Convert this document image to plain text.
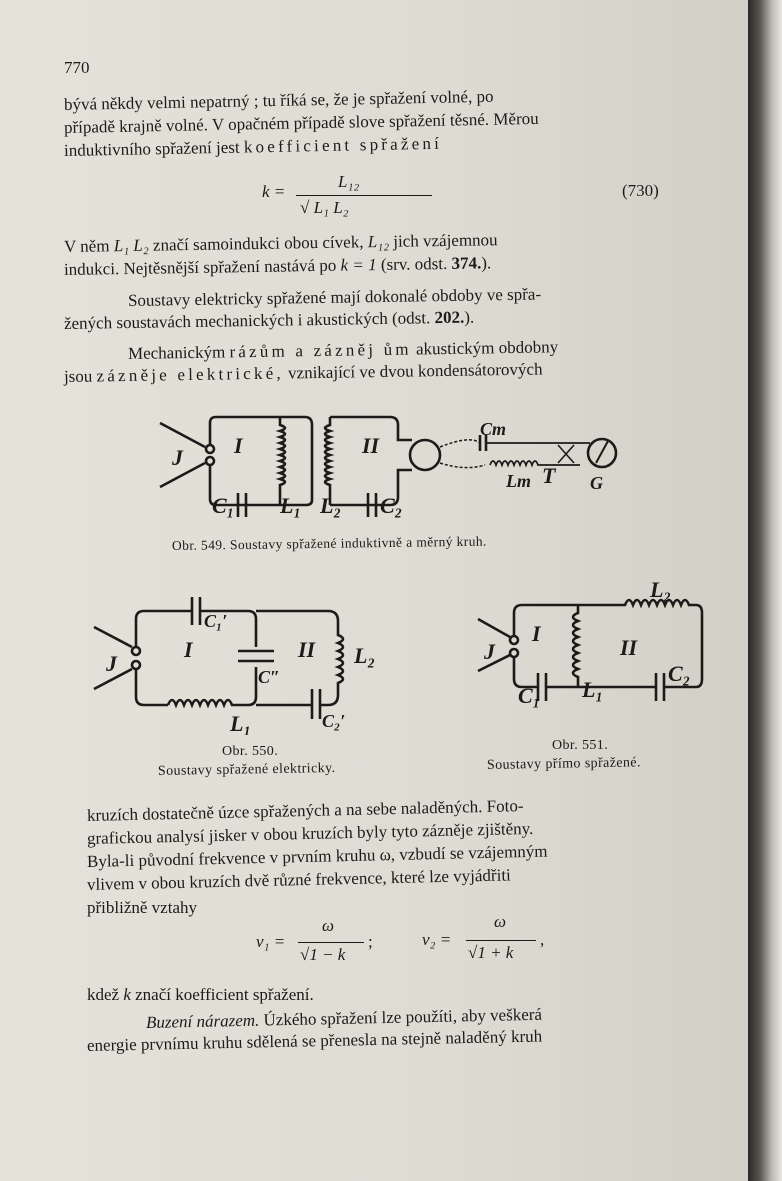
770
bývá někdy velmi nepatrný ; tu říká se, že je spřažení volné, po
případě krajně volné. V opačném případě slove spřažení těsné. Měrou
induktivního spřažení jest koefficient spřažení
k =
L₁₂
√ L₁ L₂
(730)
V něm L₁ L₂ značí samoindukci obou cívek, L₁₂ jich vzájemnou
indukci. Nejtěsnější spřažení nastává po k = 1 (srv. odst. 374.).
Soustavy elektricky spřažené mají dokonalé obdoby ve spřa-
žených soustavách mechanických i akustických (odst. 202.).
Mechanickým rázům a zázněj ům akustickým obdobny
jsou záznějе elektrické, vznikající ve dvou kondensátorových
J I	II
C₁ L₁ L₂ C₂
Cm
Lm T G
Obr. 549. Soustavy spřažené induktivně a měrný kruh.
J
I
C₁′
C″
II L₂
L₁	C₂′
Obr. 550.
Soustavy spřažené elektricky.
J
I
II
L₂
C₁ L₁
C₂
Obr. 551.
Soustavy přímo spřažené.
kruzích dostatečně úzce spřažených a na sebe naladěných. Foto-
grafickou analysí jisker v obou kruzích byly tyto záznějе zjištěny.
Byla-li původní frekvence v prvním kruhu ω, vzbudí se vzájemným
vlivem v obou kruzích dvě různé frekvence, které lze vyjádřiti
přibližně vztahy
ν₁ =
ω
√1 − k
;	ν₂ =
ω
√1 + k
,
kdež k značí koefficient spřažení.
Buzení nárazem. Úzkého spřažení lze použíti, aby veškerá
energie prvnímu kruhu sdělená se přenesla na stejně naladěný kruh
